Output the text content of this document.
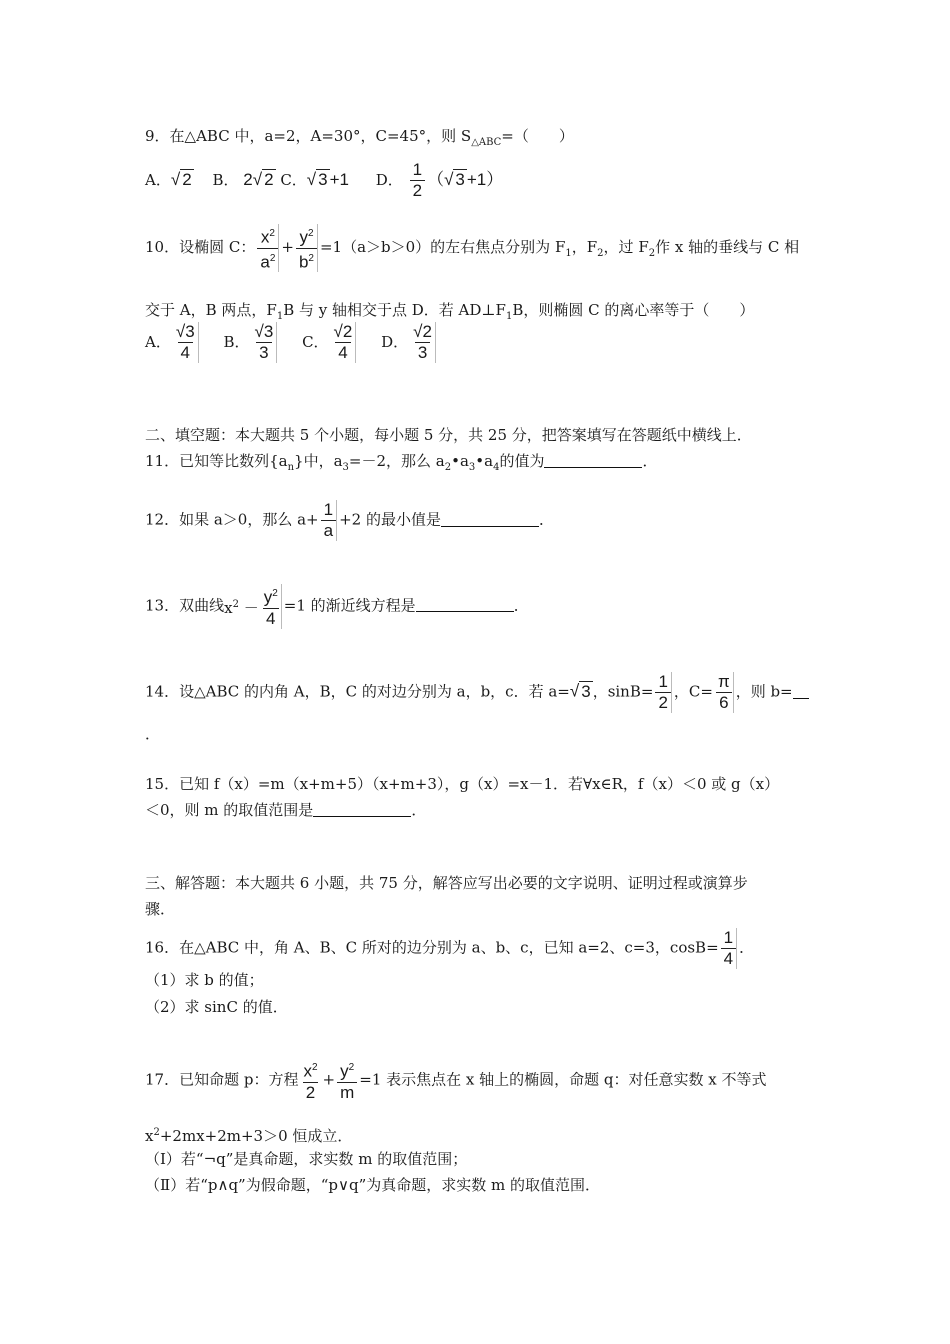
9．在△ABC 中，a=2，A=30°，C=45°，则 $S_{\triangle ABC}=$（　　）
A．√ 2 B． 2√ 2 C．√ 3 +1 D． $\frac{1}{2}$ （√ 3 +1）
10．设椭圆 C： $\frac{x^2}{a^2} + \frac{y^2}{b^2} =1(a>b>0)$的左右焦点分别为 $F_1$，$F_2$，过 $F_2$作 x 轴的垂线与 C 相
交于 A，B 两点，$F_1B$ 与 y 轴相交于点 D．若 $AD\perp F_1B$，则椭圆 C 的离心率等于（　　）
A． $\frac{√3}{4}$ B． $\frac{√3}{3}$ C． $\frac{√2}{4}$ D． $\frac{√2}{3}$
二、填空题：本大题共 5 个小题，每小题 5 分，共 25 分，把答案填写在答题纸中横线上．
11．已知等比数列$\{a_n\}$中，$a_3=-2$，那么 $a_2•a_3•a_4$的值为	．
12．如果 a＞0，那么 $a+ \frac{1}{a} +2$ 的最小值是	．
13．双曲线$x^2 - \frac{y^2}{4} =1$ 的渐近线方程是	．
14．设△ABC 的内角 A，B，C 的对边分别为 a，b，c．若 a=√ 3 ，$\sin B= \frac{1}{2}$ ，$C= \frac{\pi}{6}$ ，则 b=
．
15．已知 f（x）=m（x+m+5）（x+m+3），g（x）=x－1．若∀x∈R，f（x）＜0 或 g（x）
＜0，则 m 的取值范围是	．
三、解答题：本大题共 6 小题，共 75 分，解答应写出必要的文字说明、证明过程或演算步
骤．
16．在△ABC 中，角 A、B、C 所对的边分别为 a、b、c，已知 a=2、c=3，$\cos B= \frac{1}{4}$ ．
（1）求 b 的值；
（2）求 sinC 的值．
17．已知命题 p：方程 $\frac{x^2}{2} + \frac{y^2}{m} =1$ 表示焦点在 x 轴上的椭圆，命题 q：对任意实数 x 不等式
$x^2+2mx+2m+3>0$ 恒成立．
（Ⅰ）若“¬q”是真命题，求实数 m 的取值范围；
（Ⅱ）若“p∧q”为假命题，“p∨q”为真命题，求实数 m 的取值范围．
